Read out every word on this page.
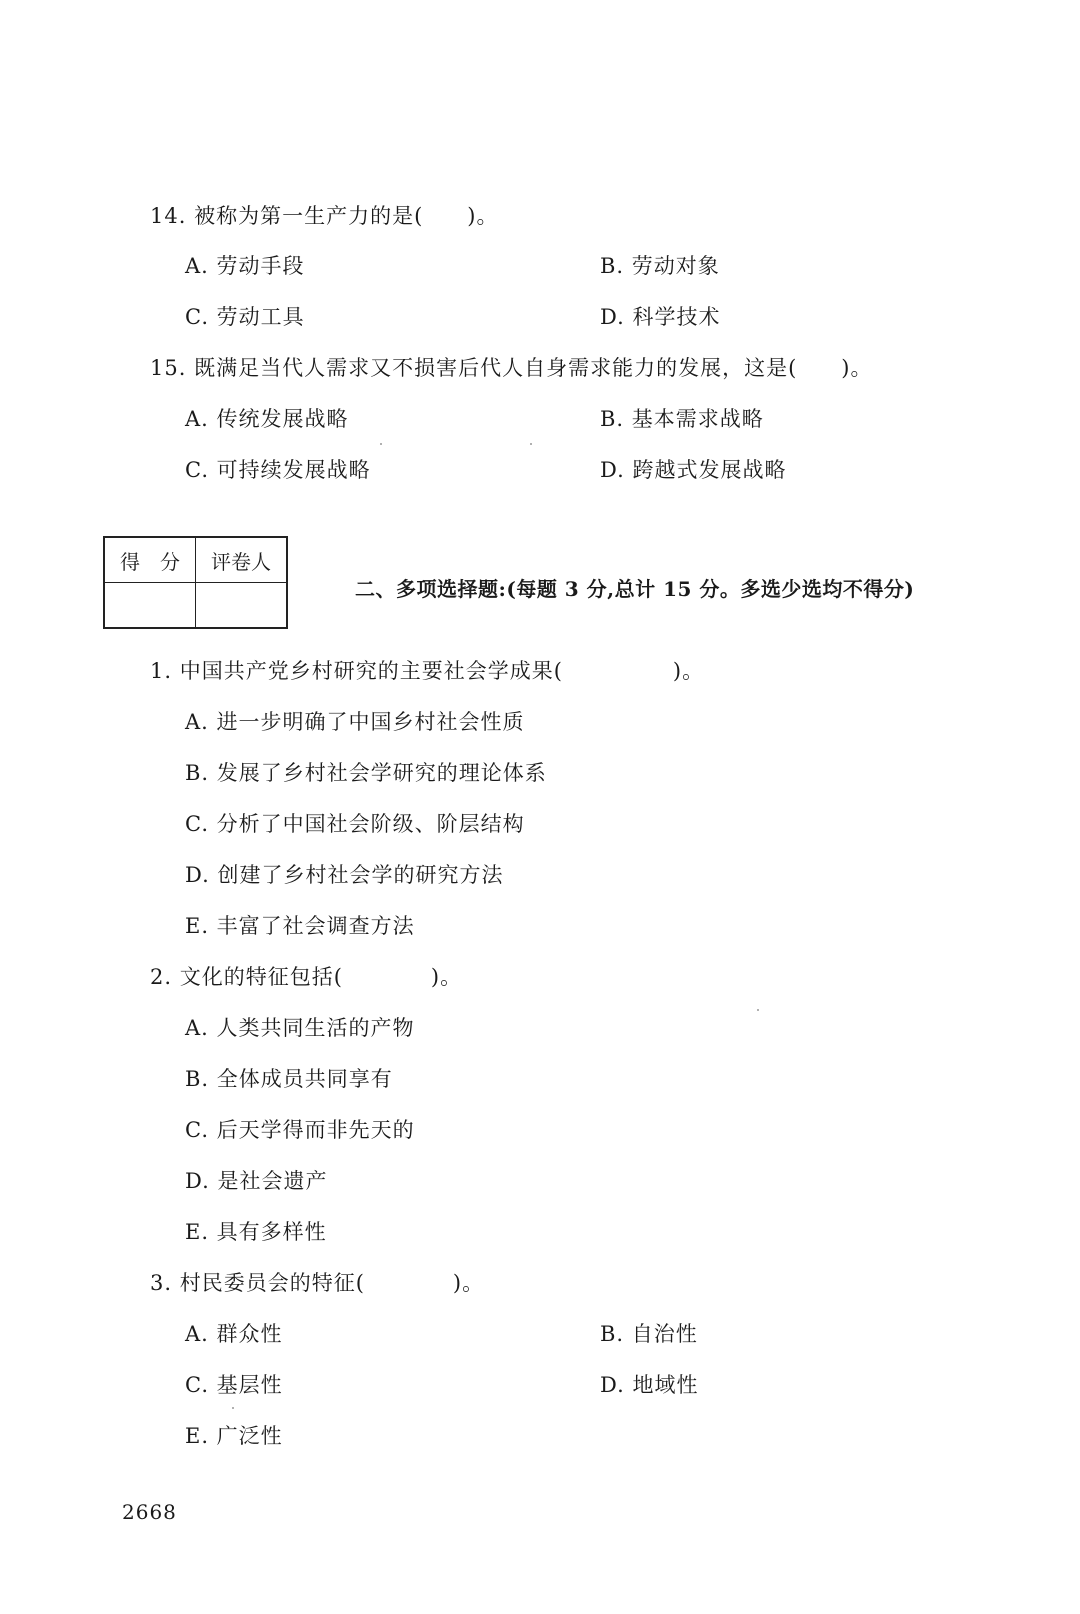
14. 被称为第一生产力的是(　　)。
A. 劳动手段	B. 劳动对象
C. 劳动工具	D. 科学技术
15. 既满足当代人需求又不损害后代人自身需求能力的发展，这是(　　)。
A. 传统发展战略	B. 基本需求战略
C. 可持续发展战略	D. 跨越式发展战略
得　分	评卷人

二、多项选择题:(每题 3 分,总计 15 分。多选少选均不得分)
1. 中国共产党乡村研究的主要社会学成果(　　　　　)。
A. 进一步明确了中国乡村社会性质
B. 发展了乡村社会学研究的理论体系
C. 分析了中国社会阶级、阶层结构
D. 创建了乡村社会学的研究方法
E. 丰富了社会调查方法
2. 文化的特征包括(　　　　)。
A. 人类共同生活的产物
B. 全体成员共同享有
C. 后天学得而非先天的
D. 是社会遗产
E. 具有多样性
3. 村民委员会的特征(　　　　)。
A. 群众性	B. 自治性
C. 基层性	D. 地域性
E. 广泛性
2668
